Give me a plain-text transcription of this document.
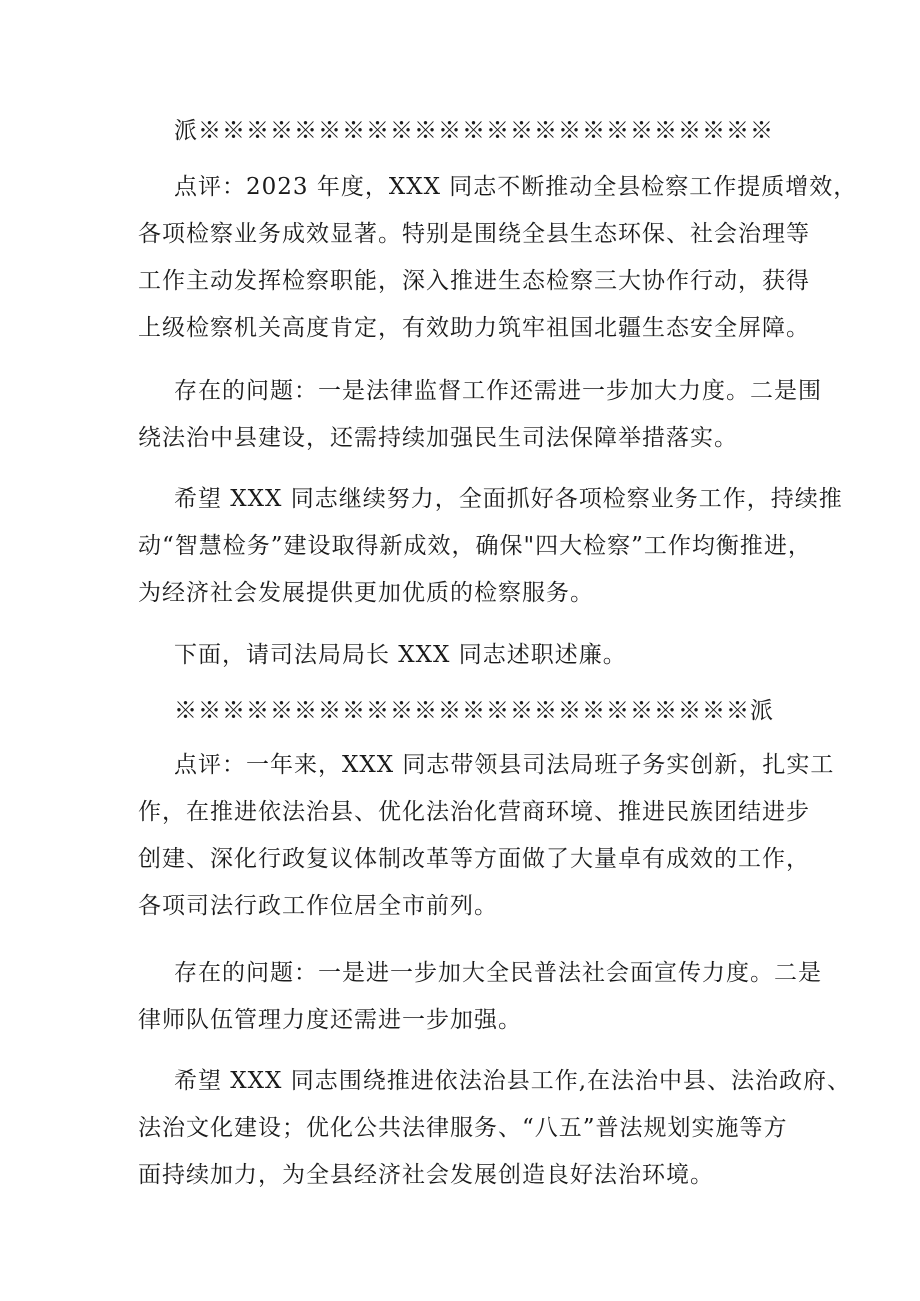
派※※※※※※※※※※※※※※※※※※※※※※※※

点评：2023 年度，XXX 同志不断推动全县检察工作提质增效，
各项检察业务成效显著。特别是围绕全县生态环保、社会治理等
工作主动发挥检察职能，深入推进生态检察三大协作行动，获得
上级检察机关高度肯定，有效助力筑牢祖国北疆生态安全屏障。

存在的问题：一是法律监督工作还需进一步加大力度。二是围
绕法治中县建设，还需持续加强民生司法保障举措落实。

希望 XXX 同志继续努力，全面抓好各项检察业务工作，持续推
动“智慧检务”建设取得新成效，确保"四大检察”工作均衡推进，
为经济社会发展提供更加优质的检察服务。

下面，请司法局局长 XXX 同志述职述廉。

※※※※※※※※※※※※※※※※※※※※※※※※派

点评：一年来，XXX 同志带领县司法局班子务实创新，扎实工
作，在推进依法治县、优化法治化营商环境、推进民族团结进步
创建、深化行政复议体制改革等方面做了大量卓有成效的工作，
各项司法行政工作位居全市前列。

存在的问题：一是进一步加大全民普法社会面宣传力度。二是
律师队伍管理力度还需进一步加强。

希望 XXX 同志围绕推进依法治县工作,在法治中县、法治政府、
法治文化建设；优化公共法律服务、“八五”普法规划实施等方
面持续加力，为全县经济社会发展创造良好法治环境。
